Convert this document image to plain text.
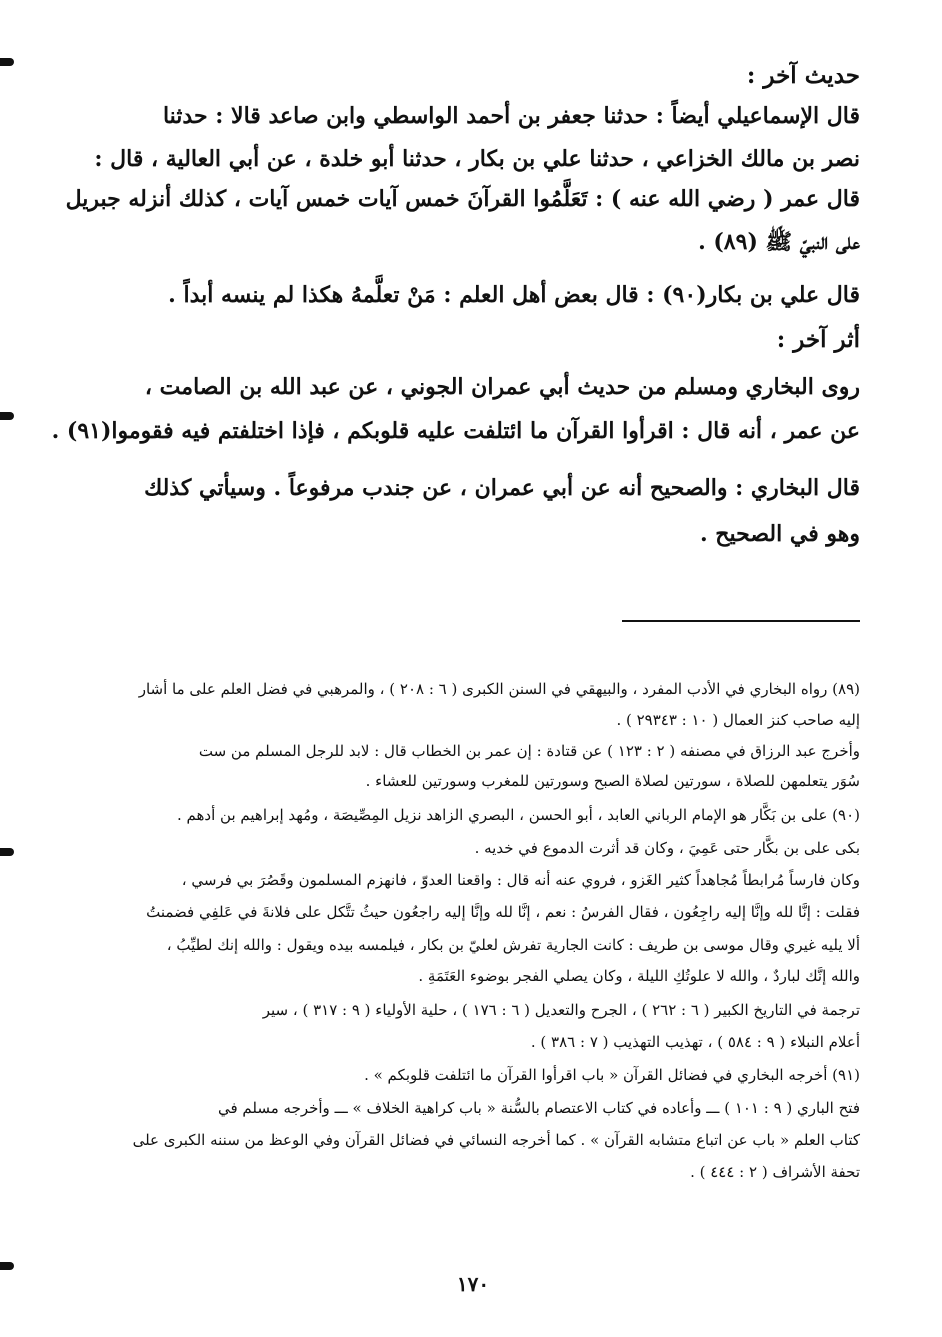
حديث آخر :
قال الإسماعيلي أيضاً : حدثنا جعفر بن أحمد الواسطي وابن صاعد قالا : حدثنا
نصر بن مالك الخزاعي ، حدثنا علي بن بكار ، حدثنا أبو خلدة ، عن أبي العالية ، قال :
قال عمر ( رضي الله عنه ) : تَعَلَّمُوا القرآنَ خمس آيات خمس آيات ، كذلك أنزله جبريل
على النبيّ ﷺ (٨٩) .
قال علي بن بكار(٩٠) : قال بعض أهل العلم : مَنْ تعلَّمهُ هكذا لم ينسه أبداً .
أثر آخر :
روى البخاري ومسلم من حديث أبي عمران الجوني ، عن عبد الله بن الصامت ،
عن عمر ، أنه قال : اقرأوا القرآن ما ائتلفت عليه قلوبكم ، فإذا اختلفتم فيه فقوموا(٩١) .
قال البخاري : والصحيح أنه عن أبي عمران ، عن جندب مرفوعاً . وسيأتي كذلك
وهو في الصحيح .
(٨٩) رواه البخاري في الأدب المفرد ، والبيهقي في السنن الكبرى ( ٦ : ٢٠٨ ) ، والمرهبي في فضل العلم على ما أشار
إليه صاحب كنز العمال ( ١٠ : ٢٩٣٤٣ ) .
وأخرج عبد الرزاق في مصنفه ( ٢ : ١٢٣ ) عن قتادة : إن عمر بن الخطاب قال : لابد للرجل المسلم من ست
سُوَر يتعلمهن للصلاة ، سورتين لصلاة الصبح وسورتين للمغرب وسورتين للعشاء .
(٩٠) على بن بَكَّار هو الإمام الرباني العابد ، أبو الحسن ، البصري الزاهد نزيل المِصِّيصَة ، ومُهد إبراهيم بن أدهم .
بكى على بن بكَّار حتى عَمِيَ ، وكان قد أثرت الدموع في خديه .
وكان فارساً مُرابطاً مُجاهداً كثير الغَزو ، فروي عنه أنه قال : واقعنا العدوّ ، فانهزم المسلمون وقَصُرَ بي فرسي ،
فقلت : إنَّا لله وإنَّا إليه راجِعُون ، فقال الفرسُ : نعم ، إنَّا لله وإنَّا إليه راجعُون حيثُ تتَّكل على فلانةَ في عَلفِي فضمنتُ
ألا يليه غيري وقال موسى بن طريف : كانت الجارية تفرش لعليّ بن بكار ، فيلمسه بيده ويقول : والله إنك لطيِّبُ ،
والله إنَّك لباردٌ ، والله لا علوتُكِ الليلة ، وكان يصلي الفجر بوضوء العَتَمَةِ .
ترجمة في التاريخ الكبير ( ٦ : ٢٦٢ ) ، الجرح والتعديل ( ٦ : ١٧٦ ) ، حلية الأولياء ( ٩ : ٣١٧ ) ، سير
أعلام النبلاء ( ٩ : ٥٨٤ ) ، تهذيب التهذيب ( ٧ : ٣٨٦ ) .
(٩١) أخرجه البخاري في فضائل القرآن « باب اقرأوا القرآن ما ائتلفت قلوبكم » .
فتح الباري ( ٩ : ١٠١ ) ـــ وأعاده في كتاب الاعتصام بالسُّنة « باب كراهية الخلاف » ـــ وأخرجه مسلم في
كتاب العلم « باب عن اتباع متشابه القرآن » . كما أخرجه النسائي في فضائل القرآن وفي الوعظ من سننه الكبرى على
تحفة الأشراف ( ٢ : ٤٤٤ ) .
١٧٠
